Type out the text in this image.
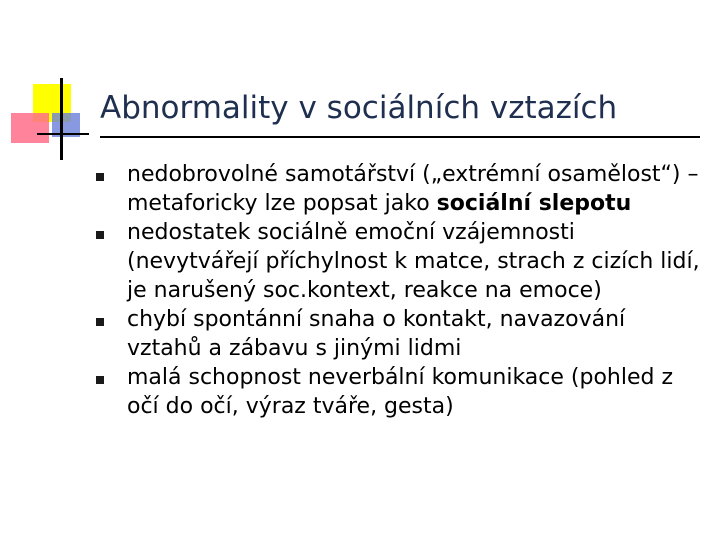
Abnormality v sociálních vztazích
nedobrovolné samotářství („extrémní osamělost“) – metaforicky lze popsat jako sociální slepotu
nedostatek sociálně emoční vzájemnosti (nevytvářejí příchylnost k matce, strach z cizích lidí, je narušený soc.kontext, reakce na emoce)
chybí spontánní snaha o kontakt, navazování vztahů a zábavu s jinými lidmi
malá schopnost neverbální komunikace (pohled z očí do očí, výraz tváře, gesta)
